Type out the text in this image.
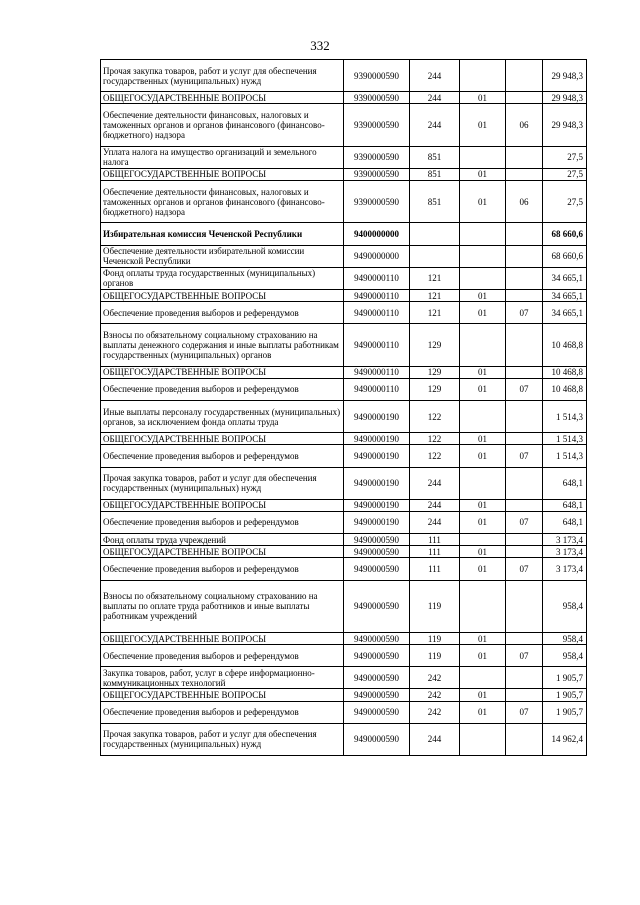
332
Прочая закупка товаров, работ и услуг для обеспечения государственных (муниципальных) нужд	9390000590	244			29 948,3
ОБЩЕГОСУДАРСТВЕННЫЕ ВОПРОСЫ	9390000590	244	01		29 948,3
Обеспечение деятельности финансовых, налоговых и таможенных органов и органов финансового (финансово-бюджетного) надзора	9390000590	244	01	06	29 948,3
Уплата налога на имущество организаций и земельного налога	9390000590	851			27,5
ОБЩЕГОСУДАРСТВЕННЫЕ ВОПРОСЫ	9390000590	851	01		27,5
Обеспечение деятельности финансовых, налоговых и таможенных органов и органов финансового (финансово-бюджетного) надзора	9390000590	851	01	06	27,5
Избирательная комиссия Чеченской Республики	9400000000				68 660,6
Обеспечение деятельности избирательной комиссии Чеченской Республики	9490000000				68 660,6
Фонд оплаты труда государственных (муниципальных) органов	9490000110	121			34 665,1
ОБЩЕГОСУДАРСТВЕННЫЕ ВОПРОСЫ	9490000110	121	01		34 665,1
Обеспечение проведения выборов и референдумов	9490000110	121	01	07	34 665,1
Взносы по обязательному социальному страхованию на выплаты денежного содержания и иные выплаты работникам государственных (муниципальных) органов	9490000110	129			10 468,8
ОБЩЕГОСУДАРСТВЕННЫЕ ВОПРОСЫ	9490000110	129	01		10 468,8
Обеспечение проведения выборов и референдумов	9490000110	129	01	07	10 468,8
Иные выплаты персоналу государственных (муниципальных) органов, за исключением фонда оплаты труда	9490000190	122			1 514,3
ОБЩЕГОСУДАРСТВЕННЫЕ ВОПРОСЫ	9490000190	122	01		1 514,3
Обеспечение проведения выборов и референдумов	9490000190	122	01	07	1 514,3
Прочая закупка товаров, работ и услуг для обеспечения государственных (муниципальных) нужд	9490000190	244			648,1
ОБЩЕГОСУДАРСТВЕННЫЕ ВОПРОСЫ	9490000190	244	01		648,1
Обеспечение проведения выборов и референдумов	9490000190	244	01	07	648,1
Фонд оплаты труда учреждений	9490000590	111			3 173,4
ОБЩЕГОСУДАРСТВЕННЫЕ ВОПРОСЫ	9490000590	111	01		3 173,4
Обеспечение проведения выборов и референдумов	9490000590	111	01	07	3 173,4
Взносы по обязательному социальному страхованию на выплаты по оплате труда работников и иные выплаты работникам учреждений	9490000590	119			958,4
ОБЩЕГОСУДАРСТВЕННЫЕ ВОПРОСЫ	9490000590	119	01		958,4
Обеспечение проведения выборов и референдумов	9490000590	119	01	07	958,4
Закупка товаров, работ, услуг в сфере информационно-коммуникационных технологий	9490000590	242			1 905,7
ОБЩЕГОСУДАРСТВЕННЫЕ ВОПРОСЫ	9490000590	242	01		1 905,7
Обеспечение проведения выборов и референдумов	9490000590	242	01	07	1 905,7
Прочая закупка товаров, работ и услуг для обеспечения государственных (муниципальных) нужд	9490000590	244			14 962,4
